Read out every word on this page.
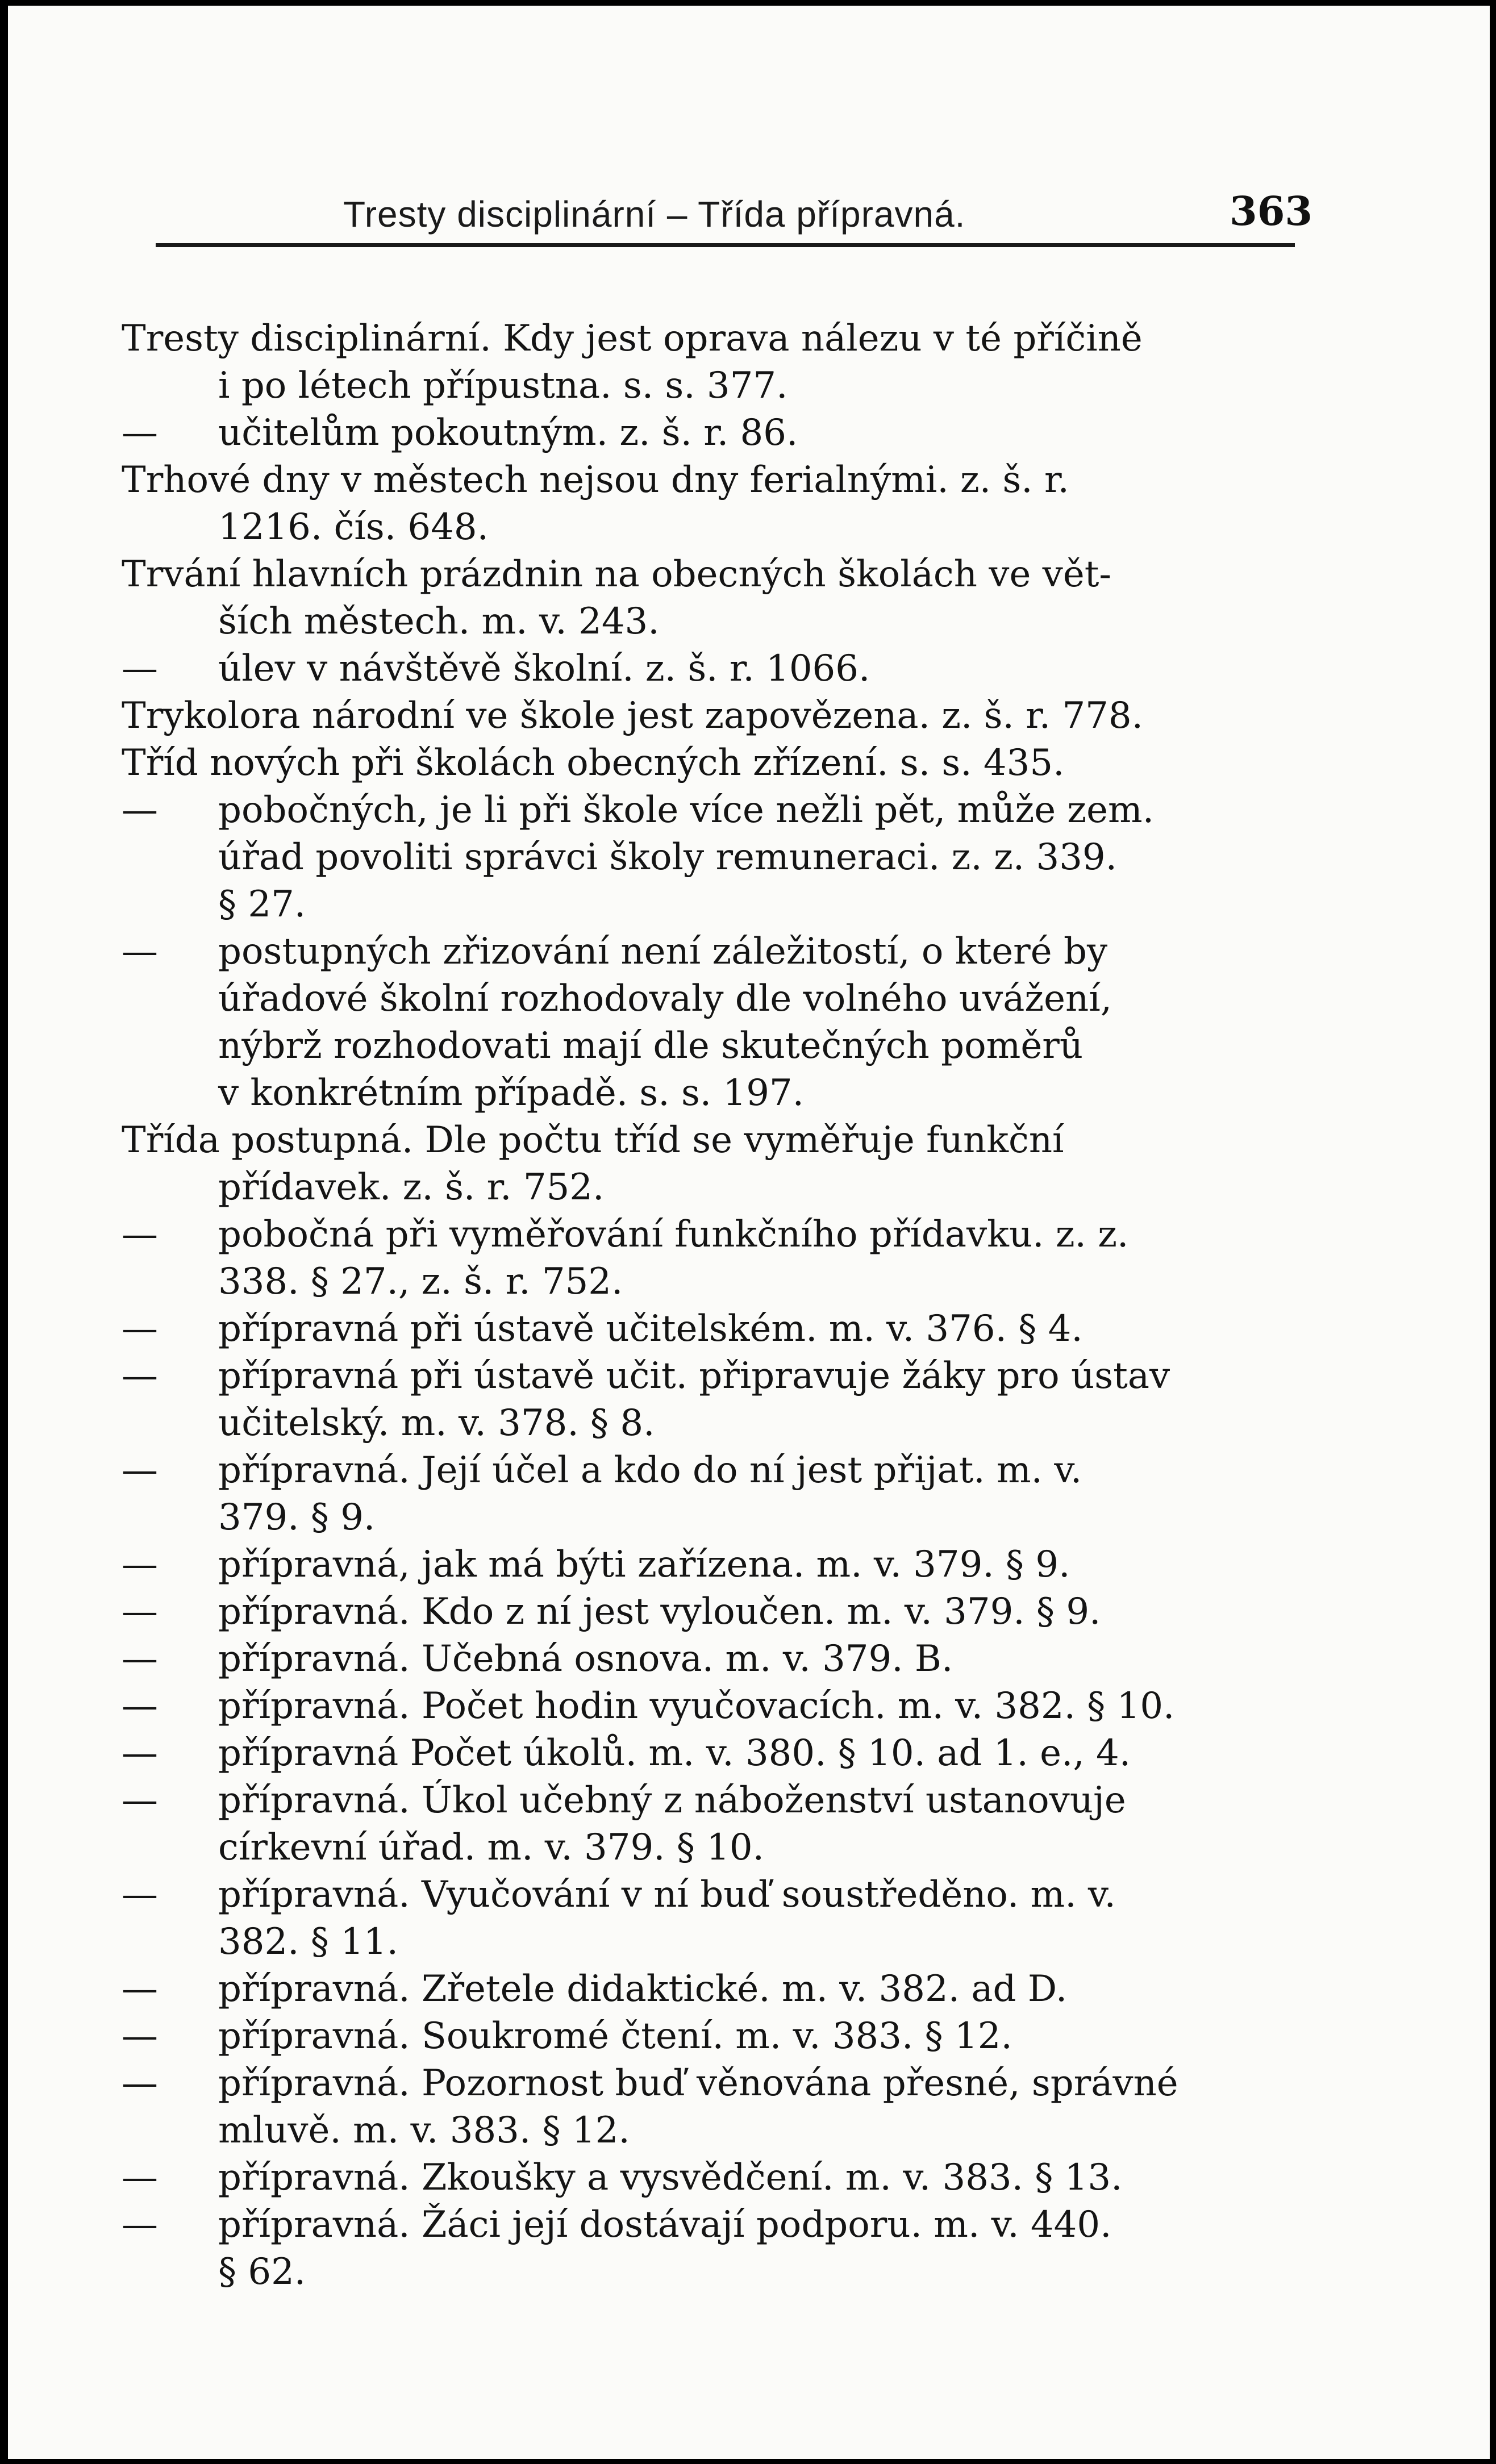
Tresty disciplinární – Třída přípravná.	363
Tresty disciplinární. Kdy jest oprava nálezu v té příčině
i po létech přípustna. s. s. 377.
— učitelům pokoutným. z. š. r. 86.
Trhové dny v městech nejsou dny ferialnými. z. š. r.
1216. čís. 648.
Trvání hlavních prázdnin na obecných školách ve vět-
ších městech. m. v. 243.
— úlev v návštěvě školní. z. š. r. 1066.
Trykolora národní ve škole jest zapovězena. z. š. r. 778.
Tříd nových při školách obecných zřízení. s. s. 435.
— pobočných, je li při škole více nežli pět, může zem.
úřad povoliti správci školy remuneraci. z. z. 339.
§ 27.
— postupných zřizování není záležitostí, o které by
úřadové školní rozhodovaly dle volného uvážení,
nýbrž rozhodovati mají dle skutečných poměrů
v konkrétním případě. s. s. 197.
Třída postupná. Dle počtu tříd se vyměřuje funkční
přídavek. z. š. r. 752.
— pobočná při vyměřování funkčního přídavku. z. z.
338. § 27., z. š. r. 752.
— přípravná při ústavě učitelském. m. v. 376. § 4.
— přípravná při ústavě učit. připravuje žáky pro ústav
učitelský. m. v. 378. § 8.
— přípravná. Její účel a kdo do ní jest přijat. m. v.
379. § 9.
— přípravná, jak má býti zařízena. m. v. 379. § 9.
— přípravná. Kdo z ní jest vyloučen. m. v. 379. § 9.
— přípravná. Učebná osnova. m. v. 379. B.
— přípravná. Počet hodin vyučovacích. m. v. 382. § 10.
— přípravná Počet úkolů. m. v. 380. § 10. ad 1. e., 4.
— přípravná. Úkol učebný z náboženství ustanovuje
církevní úřad. m. v. 379. § 10.
— přípravná. Vyučování v ní buď soustředěno. m. v.
382. § 11.
— přípravná. Zřetele didaktické. m. v. 382. ad D.
— přípravná. Soukromé čtení. m. v. 383. § 12.
— přípravná. Pozornost buď věnována přesné, správné
mluvě. m. v. 383. § 12.
— přípravná. Zkoušky a vysvědčení. m. v. 383. § 13.
— přípravná. Žáci její dostávají podporu. m. v. 440.
§ 62.
